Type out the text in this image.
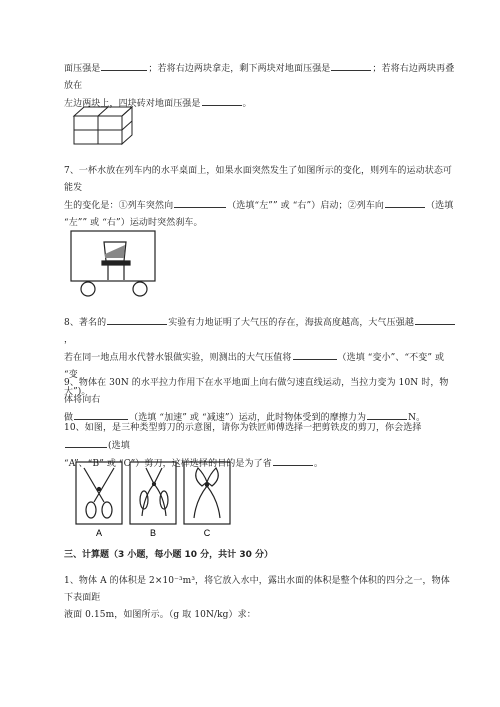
面压强是	；若将右边两块拿走，剩下两块对地面压强是	；若将右边两块再叠放在
左边两块上，四块砖对地面压强是	。
7、一杯水放在列车内的水平桌面上，如果水面突然发生了如图所示的变化，则列车的运动状态可能发
生的变化是：①列车突然向	（选填“左”” 或 “右”）启动；②列车向	（选填
“左”” 或 “右”）运动时突然刹车。
8、著名的	实验有力地证明了大气压的存在，海拔高度越高，大气压强越，
若在同一地点用水代替水银做实验，则测出的大气压值将	（选填 “变小”、“不变” 或 “变
大”)。
9、物体在 30N 的水平拉力作用下在水平地面上向右做匀速直线运动，当拉力变为 10N 时，物体将向右
做	（选填 “加速” 或 “减速”）运动，此时物体受到的摩擦力为	N。
10、如图，是三种类型剪刀的示意图，请你为铁匠师傅选择一把剪铁皮的剪刀，你会选择(选填
“A”、“B” 或 “C”）剪刀，这样选择的目的是为了省	。
A	B	C
三、计算题（3 小题，每小题 10 分，共计 30 分）
1、物体 A 的体积是 2×10⁻³m³，将它放入水中，露出水面的体积是整个体积的四分之一，物体下表面距
液面 0.15m，如图所示。（g 取 10N/kg）求：
